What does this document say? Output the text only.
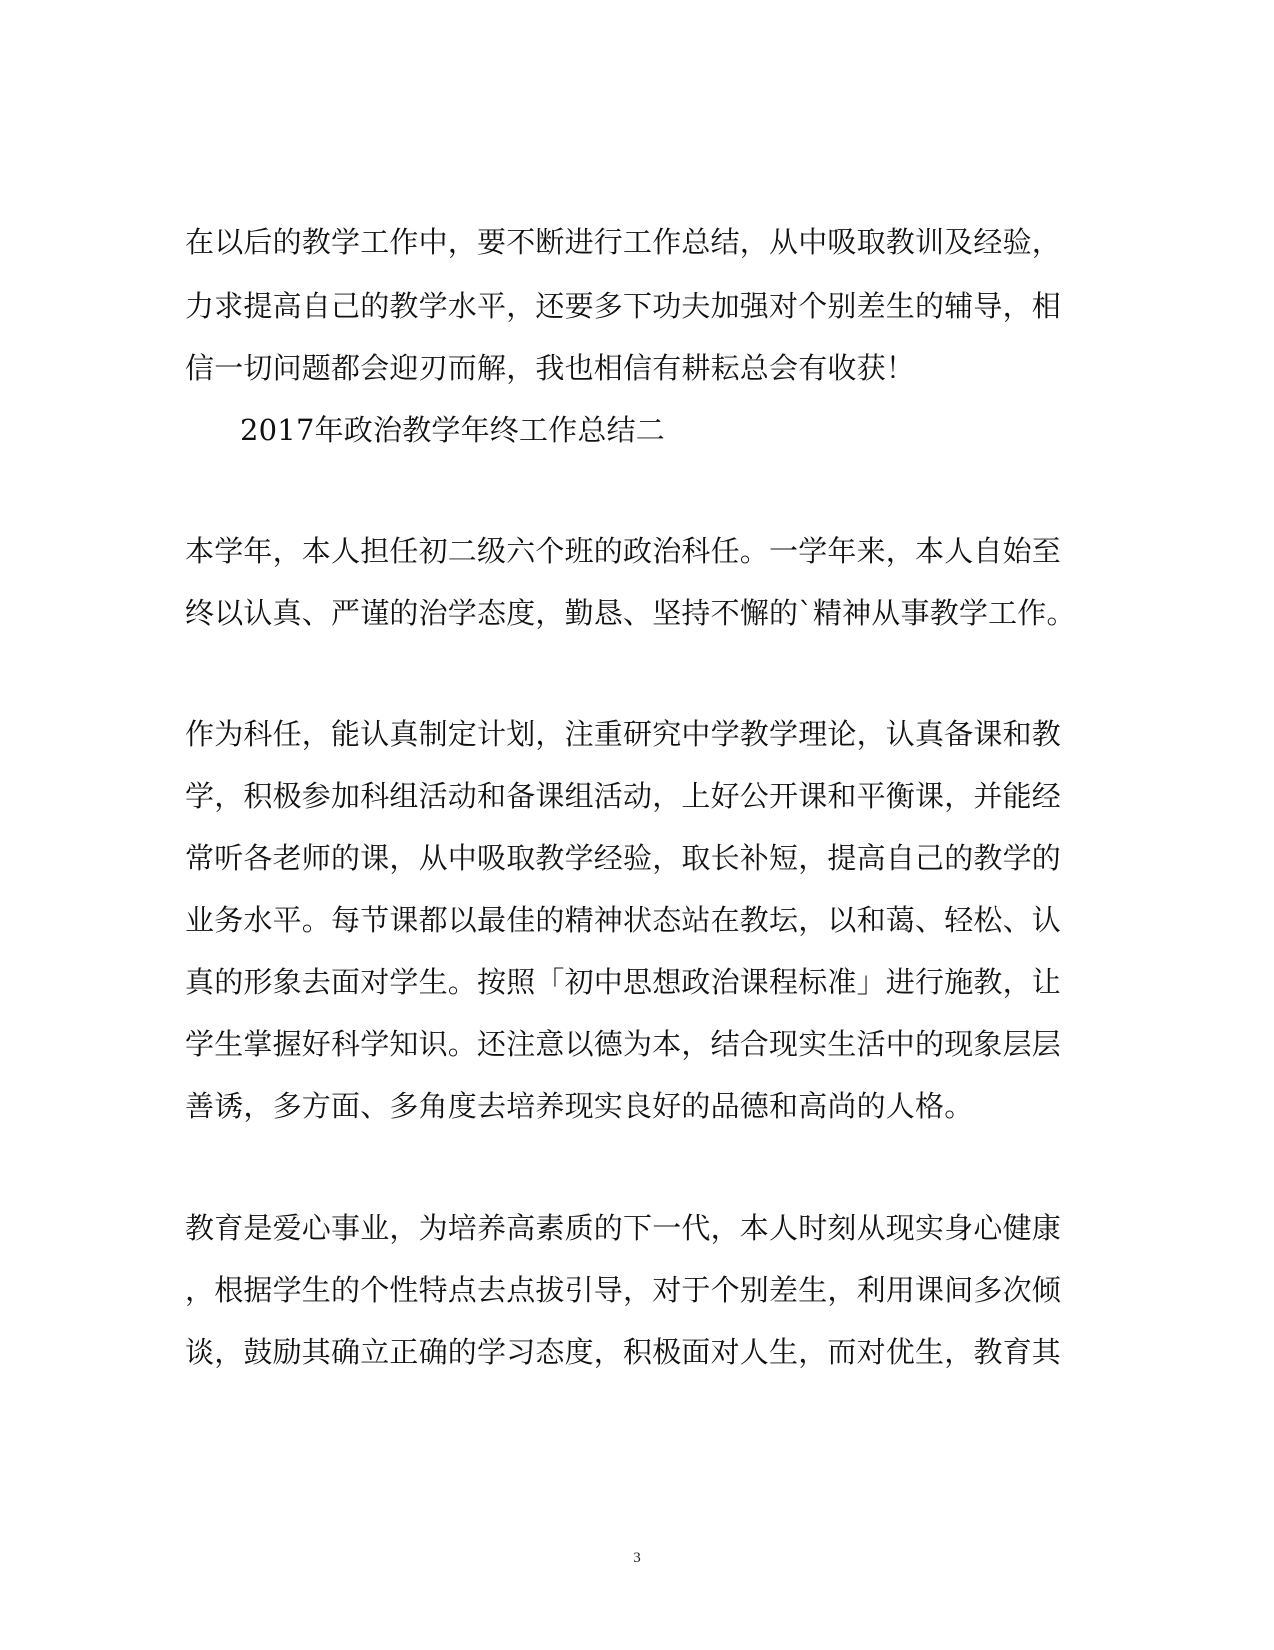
在以后的教学工作中，要不断进行工作总结，从中吸取教训及经验，
力求提高自己的教学水平，还要多下功夫加强对个别差生的辅导，相
信一切问题都会迎刃而解，我也相信有耕耘总会有收获！
2017年政治教学年终工作总结二
本学年，本人担任初二级六个班的政治科任。一学年来，本人自始至
终以认真、严谨的治学态度，勤恳、坚持不懈的`精神从事教学工作。
作为科任，能认真制定计划，注重研究中学教学理论，认真备课和教
学，积极参加科组活动和备课组活动，上好公开课和平衡课，并能经
常听各老师的课，从中吸取教学经验，取长补短，提高自己的教学的
业务水平。每节课都以最佳的精神状态站在教坛，以和蔼、轻松、认
真的形象去面对学生。按照「初中思想政治课程标准」进行施教，让
学生掌握好科学知识。还注意以德为本，结合现实生活中的现象层层
善诱，多方面、多角度去培养现实良好的品德和高尚的人格。
教育是爱心事业，为培养高素质的下一代，本人时刻从现实身心健康
，根据学生的个性特点去点拔引导，对于个别差生，利用课间多次倾
谈，鼓励其确立正确的学习态度，积极面对人生，而对优生，教育其
3
